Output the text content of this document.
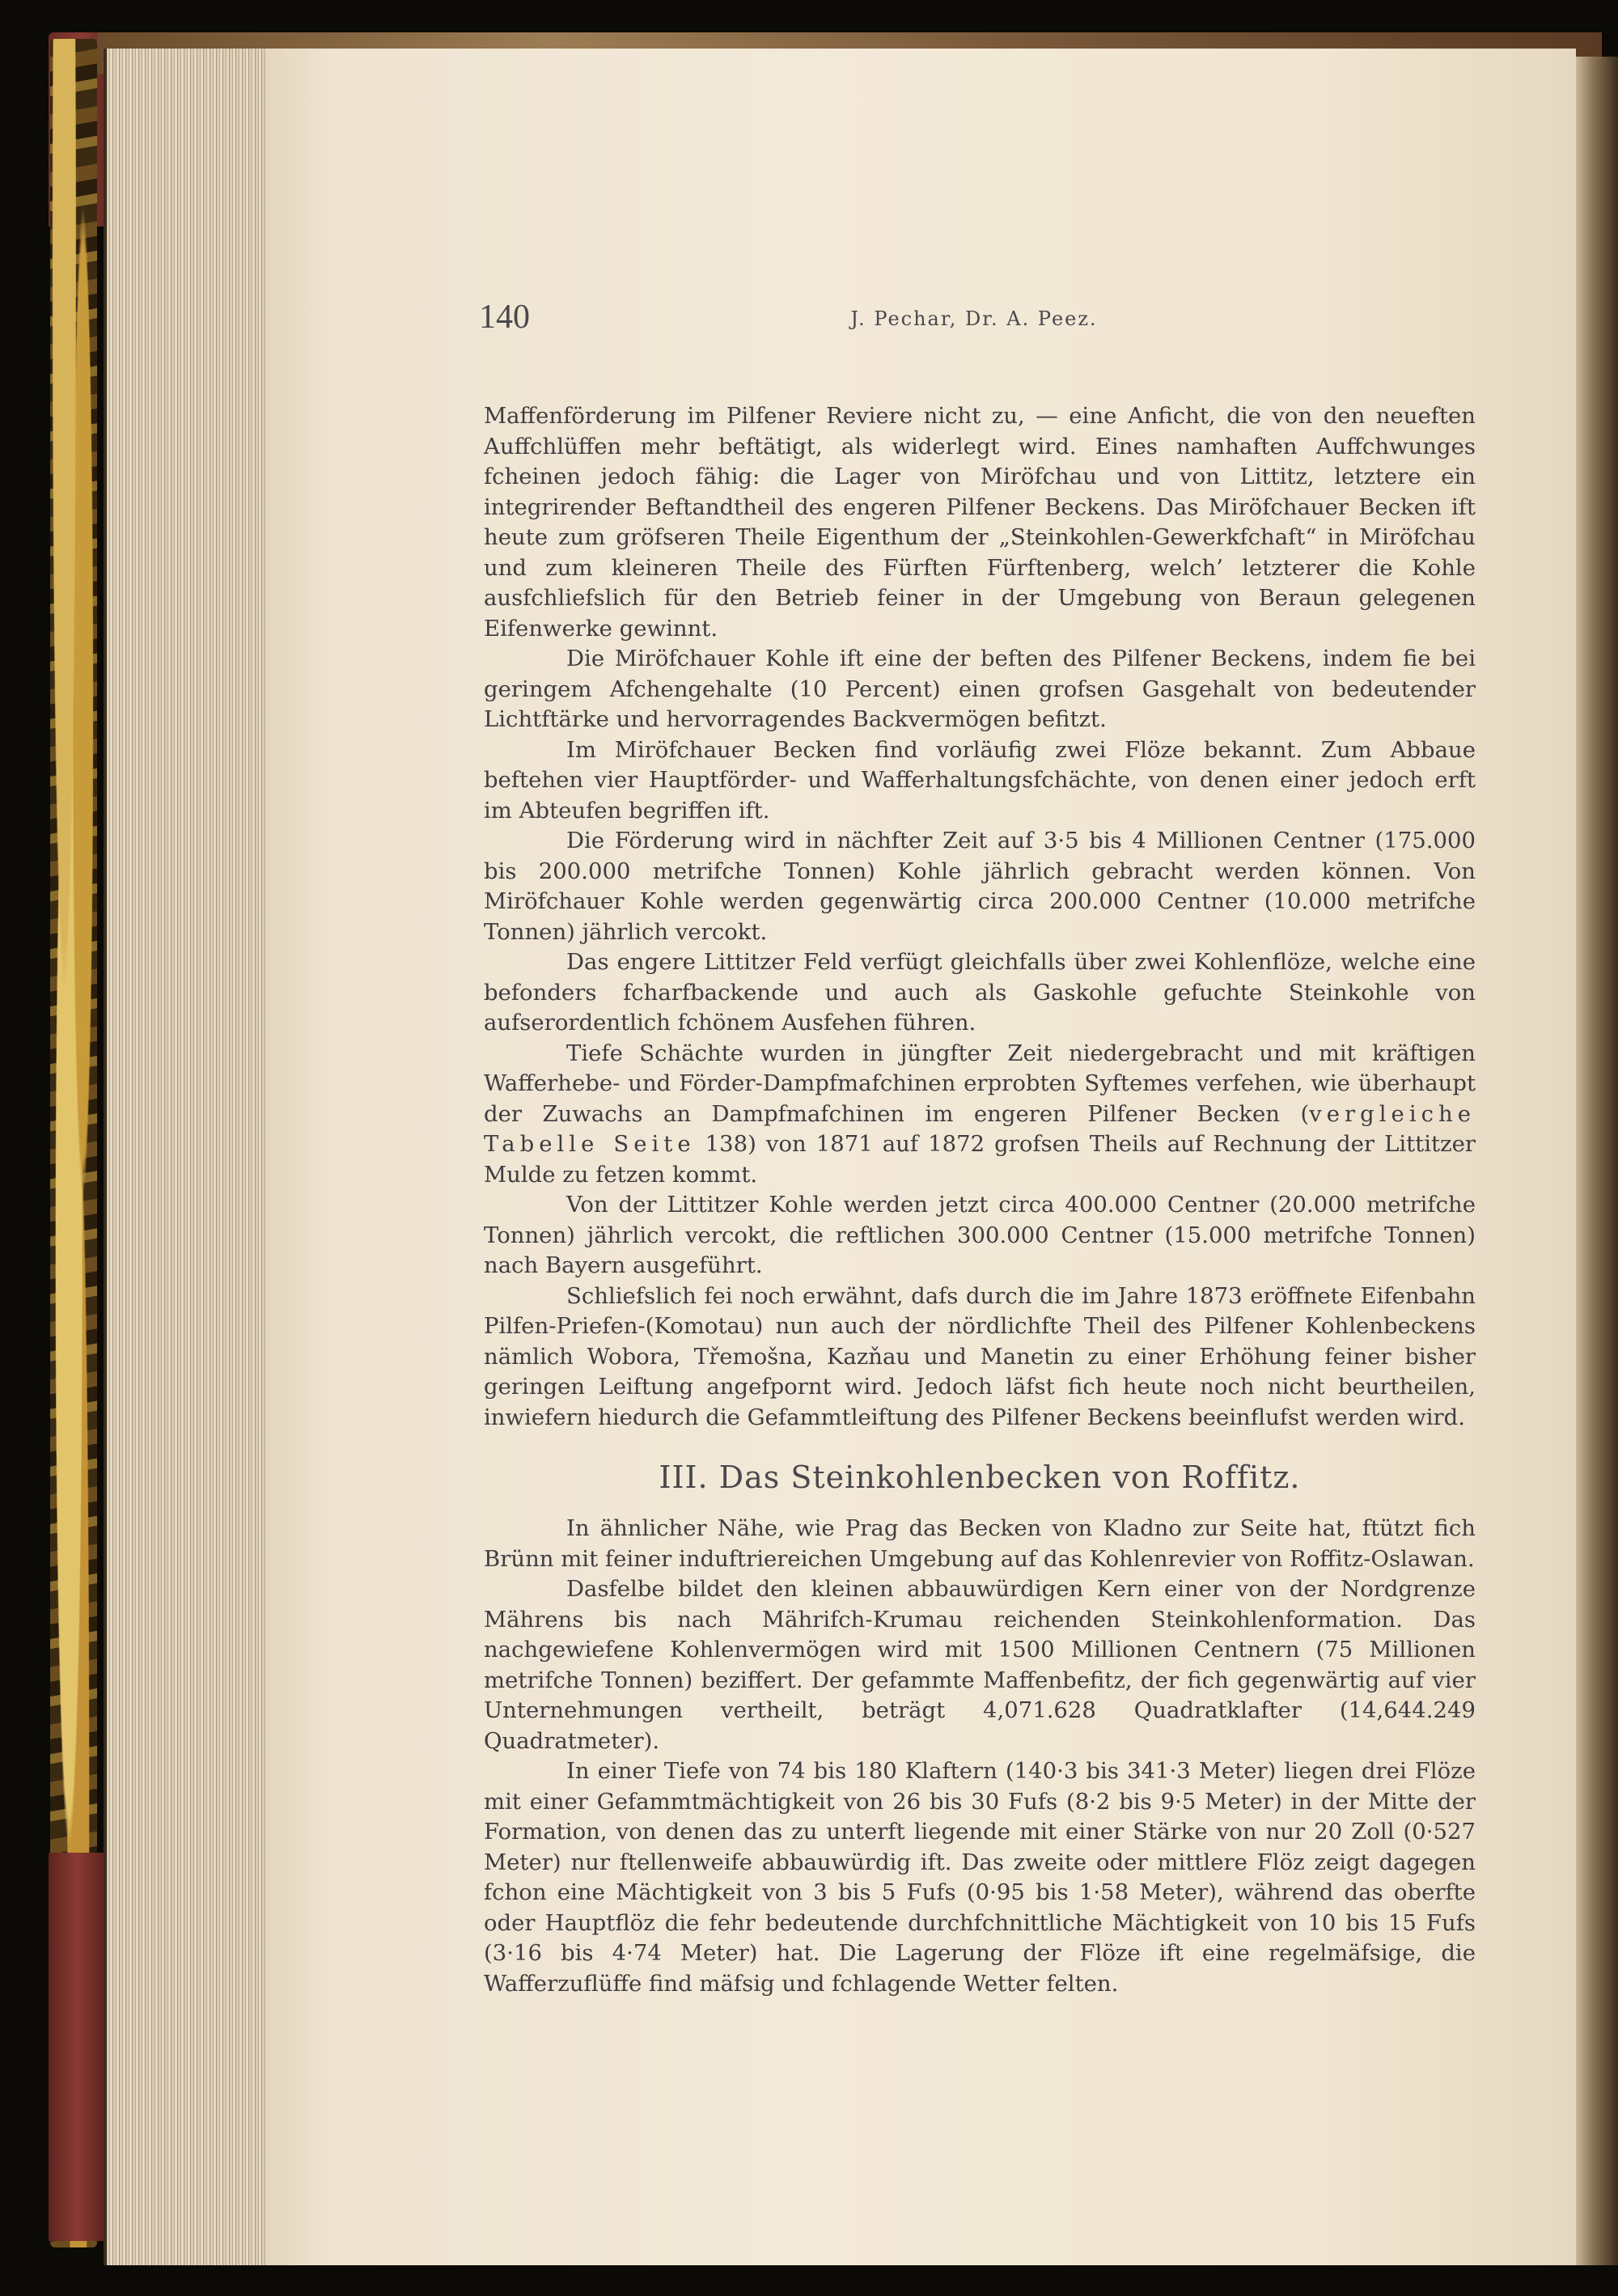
140	J. Pechar, Dr. A. Peez.

Maffenförderung im Pilfener Reviere nicht zu, — eine Anficht, die von den neueften Auffchlüffen mehr beftätigt, als widerlegt wird. Eines namhaften Auffchwunges fcheinen jedoch fähig: die Lager von Miröfchau und von Littitz, letztere ein integrirender Beftandtheil des engeren Pilfener Beckens. Das Miröfchauer Becken ift heute zum gröfseren Theile Eigenthum der „Steinkohlen-Gewerkfchaft“ in Miröfchau und zum kleineren Theile des Fürften Fürftenberg, welch’ letzterer die Kohle ausfchliefslich für den Betrieb feiner in der Umgebung von Beraun gelegenen Eifenwerke gewinnt.

Die Miröfchauer Kohle ift eine der beften des Pilfener Beckens, indem fie bei geringem Afchengehalte (10 Percent) einen grofsen Gasgehalt von bedeutender Lichtftärke und hervorragendes Backvermögen befitzt.

Im Miröfchauer Becken find vorläufig zwei Flöze bekannt. Zum Abbaue beftehen vier Hauptförder- und Wafferhaltungsfchächte, von denen einer jedoch erft im Abteufen begriffen ift.

Die Förderung wird in nächfter Zeit auf 3·5 bis 4 Millionen Centner (175.000 bis 200.000 metrifche Tonnen) Kohle jährlich gebracht werden können. Von Miröfchauer Kohle werden gegenwärtig circa 200.000 Centner (10.000 metrifche Tonnen) jährlich vercokt.

Das engere Littitzer Feld verfügt gleichfalls über zwei Kohlenflöze, welche eine befonders fcharfbackende und auch als Gaskohle gefuchte Steinkohle von aufserordentlich fchönem Ausfehen führen.

Tiefe Schächte wurden in jüngfter Zeit niedergebracht und mit kräftigen Wafferhebe- und Förder-Dampfmafchinen erprobten Syftemes verfehen, wie überhaupt der Zuwachs an Dampfmafchinen im engeren Pilfener Becken (vergleiche Tabelle Seite 138) von 1871 auf 1872 grofsen Theils auf Rechnung der Littitzer Mulde zu fetzen kommt.

Von der Littitzer Kohle werden jetzt circa 400.000 Centner (20.000 metrifche Tonnen) jährlich vercokt, die reftlichen 300.000 Centner (15.000 metrifche Tonnen) nach Bayern ausgeführt.

Schliefslich fei noch erwähnt, dafs durch die im Jahre 1873 eröffnete Eifenbahn Pilfen-Priefen-(Komotau) nun auch der nördlichfte Theil des Pilfener Kohlenbeckens nämlich Wobora, Třemošna, Kazňau und Manetin zu einer Erhöhung feiner bisher geringen Leiftung angefpornt wird. Jedoch läfst fich heute noch nicht beurtheilen, inwiefern hiedurch die Gefammtleiftung des Pilfener Beckens beeinflufst werden wird.

III. Das Steinkohlenbecken von Roffitz.

In ähnlicher Nähe, wie Prag das Becken von Kladno zur Seite hat, ftützt fich Brünn mit feiner induftriereichen Umgebung auf das Kohlenrevier von Roffitz-Oslawan.

Dasfelbe bildet den kleinen abbauwürdigen Kern einer von der Nordgrenze Mährens bis nach Mährifch-Krumau reichenden Steinkohlenformation. Das nachgewiefene Kohlenvermögen wird mit 1500 Millionen Centnern (75 Millionen metrifche Tonnen) beziffert. Der gefammte Maffenbefitz, der fich gegenwärtig auf vier Unternehmungen vertheilt, beträgt 4,071.628 Quadratklafter (14,644.249 Quadratmeter).

In einer Tiefe von 74 bis 180 Klaftern (140·3 bis 341·3 Meter) liegen drei Flöze mit einer Gefammtmächtigkeit von 26 bis 30 Fufs (8·2 bis 9·5 Meter) in der Mitte der Formation, von denen das zu unterft liegende mit einer Stärke von nur 20 Zoll (0·527 Meter) nur ftellenweife abbauwürdig ift. Das zweite oder mittlere Flöz zeigt dagegen fchon eine Mächtigkeit von 3 bis 5 Fufs (0·95 bis 1·58 Meter), während das oberfte oder Hauptflöz die fehr bedeutende durchfchnittliche Mächtigkeit von 10 bis 15 Fufs (3·16 bis 4·74 Meter) hat. Die Lagerung der Flöze ift eine regelmäfsige, die Wafferzuflüffe find mäfsig und fchlagende Wetter felten.
